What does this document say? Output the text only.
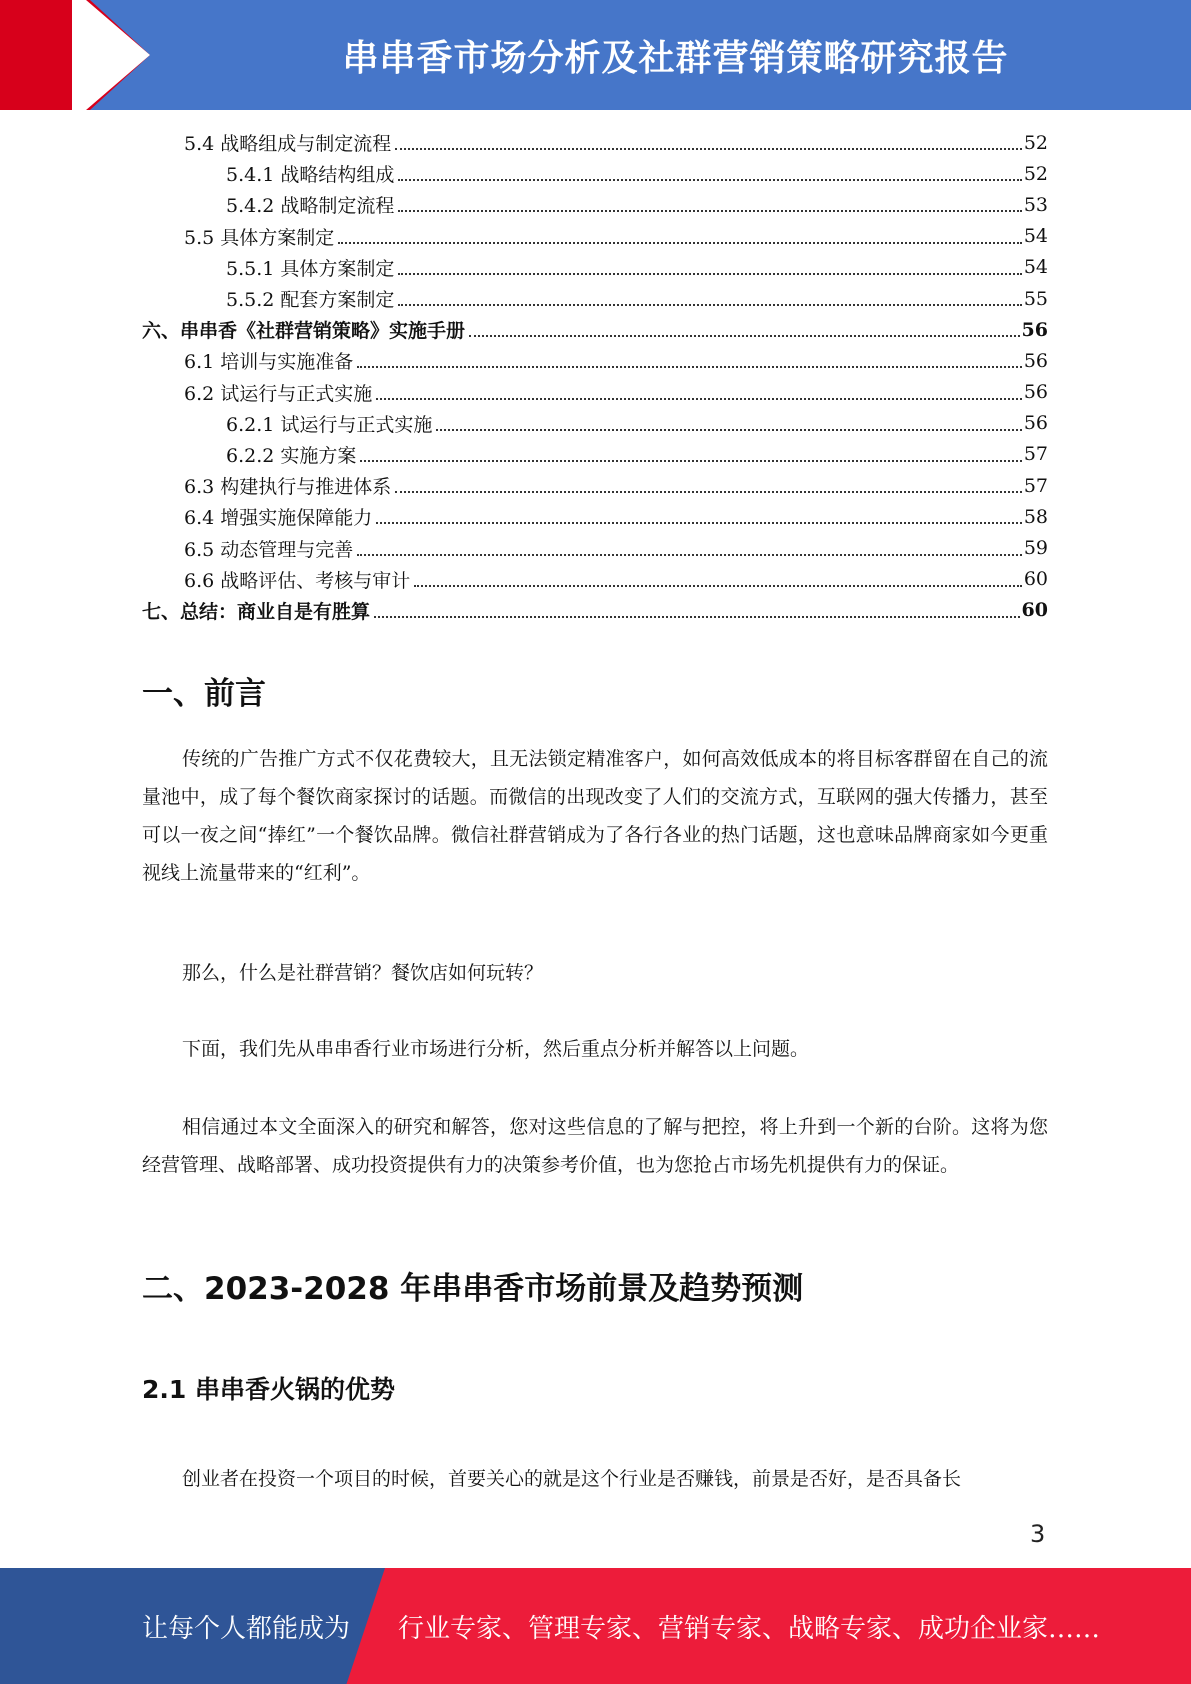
串串香市场分析及社群营销策略研究报告
5.4 战略组成与制定流程	52
5.4.1 战略结构组成	52
5.4.2 战略制定流程	53
5.5 具体方案制定	54
5.5.1 具体方案制定	54
5.5.2 配套方案制定	55
六、串串香《社群营销策略》实施手册	56
6.1 培训与实施准备	56
6.2 试运行与正式实施	56
6.2.1 试运行与正式实施	56
6.2.2 实施方案	57
6.3 构建执行与推进体系	57
6.4 增强实施保障能力	58
6.5 动态管理与完善	59
6.6 战略评估、考核与审计	60
七、总结：商业自是有胜算	60
一、前言
传统的广告推广方式不仅花费较大，且无法锁定精准客户，如何高效低成本的将目标客群留在自己的流量池中，成了每个餐饮商家探讨的话题。而微信的出现改变了人们的交流方式，互联网的强大传播力，甚至可以一夜之间“捧红”一个餐饮品牌。微信社群营销成为了各行各业的热门话题，这也意味品牌商家如今更重视线上流量带来的“红利”。
那么，什么是社群营销？餐饮店如何玩转？
下面，我们先从串串香行业市场进行分析，然后重点分析并解答以上问题。
相信通过本文全面深入的研究和解答，您对这些信息的了解与把控，将上升到一个新的台阶。这将为您经营管理、战略部署、成功投资提供有力的决策参考价值，也为您抢占市场先机提供有力的保证。
二、2023-2028 年串串香市场前景及趋势预测
2.1 串串香火锅的优势
创业者在投资一个项目的时候，首要关心的就是这个行业是否赚钱，前景是否好，是否具备长
3
让每个人都能成为 行业专家、管理专家、营销专家、战略专家、成功企业家……
